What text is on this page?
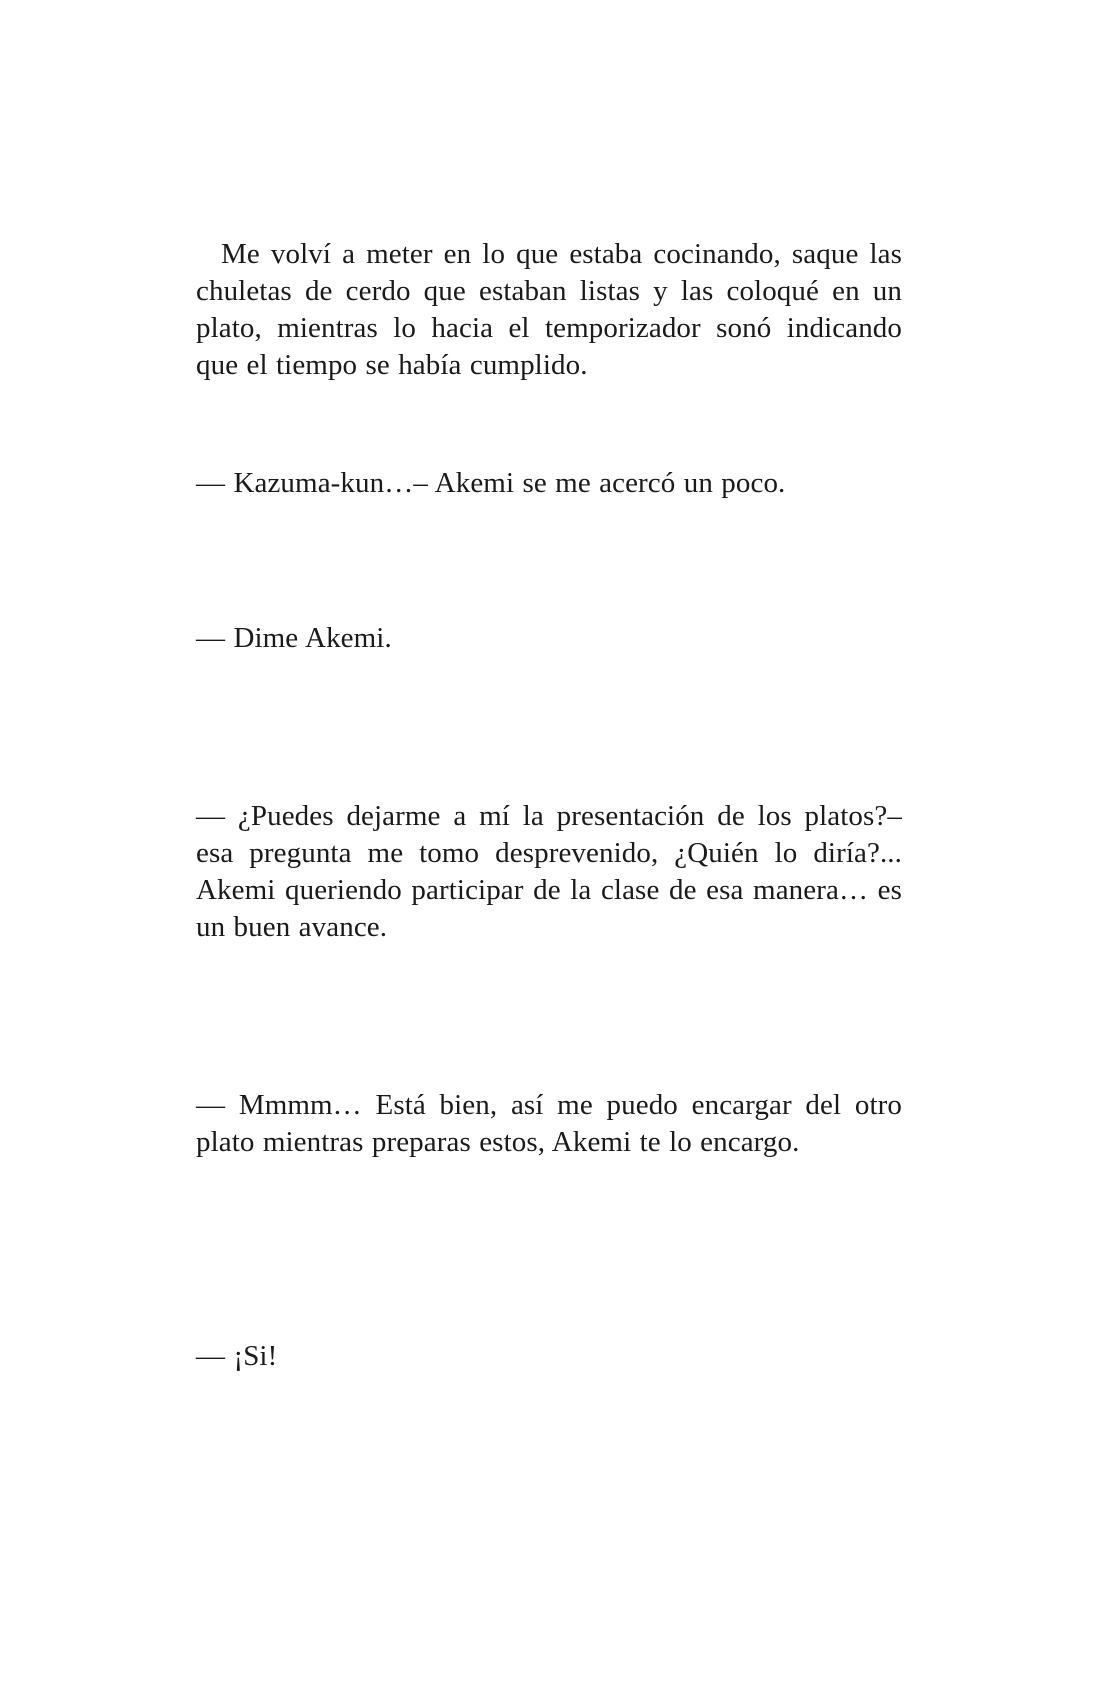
Me volví a meter en lo que estaba cocinando, saque las chuletas de cerdo que estaban listas y las coloqué en un plato, mientras lo hacia el temporizador sonó indicando que el tiempo se había cumplido.

— Kazuma-kun…– Akemi se me acercó un poco.

— Dime Akemi.

— ¿Puedes dejarme a mí la presentación de los platos?– esa pregunta me tomo desprevenido, ¿Quién lo diría?... Akemi queriendo participar de la clase de esa manera… es un buen avance.

— Mmmm… Está bien, así me puedo encargar del otro plato mientras preparas estos, Akemi te lo encargo.

— ¡Si!
